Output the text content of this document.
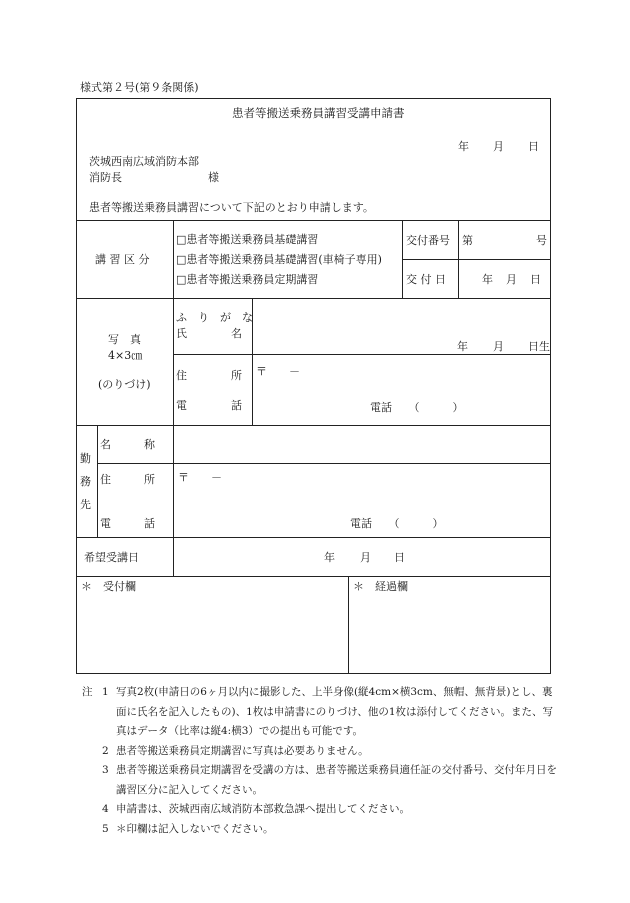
様式第２号(第９条関係)
患者等搬送乗務員講習受講申請書
年 月 日
茨城西南広域消防本部
消防長	様
患者等搬送乗務員講習について下記のとおり申請します。
講 習 区 分
□患者等搬送乗務員基礎講習
□患者等搬送乗務員基礎講習(車椅子専用)
□患者等搬送乗務員定期講習
交付番号 第	号
交 付 日	年 月 日
写　真
4×3㎝
(のりづけ)
ふ　り　が　な
氏　　　　名
年 月 日生
住　　　　所 〒　　－
電　　　　話	電話　　（　　　）
勤
務
先
名　　　称
住　　　所 〒　　－
電　　　話	電話　　（　　　）
希望受講日	年 月 日
＊　受付欄	＊　経過欄
注 1 写真2枚(申請日の6ヶ月以内に撮影した、上半身像(縦4cm×横3cm、無帽、無背景)とし、裏面に氏名を記入したもの)、1枚は申請書にのりづけ、他の1枚は添付してください。また、写真はデータ（比率は縦4:横3）での提出も可能です。
2 患者等搬送乗務員定期講習に写真は必要ありません。
3 患者等搬送乗務員定期講習を受講の方は、患者等搬送乗務員適任証の交付番号、交付年月日を講習区分に記入してください。
4 申請書は、茨城西南広域消防本部救急課へ提出してください。
5 ＊印欄は記入しないでください。
